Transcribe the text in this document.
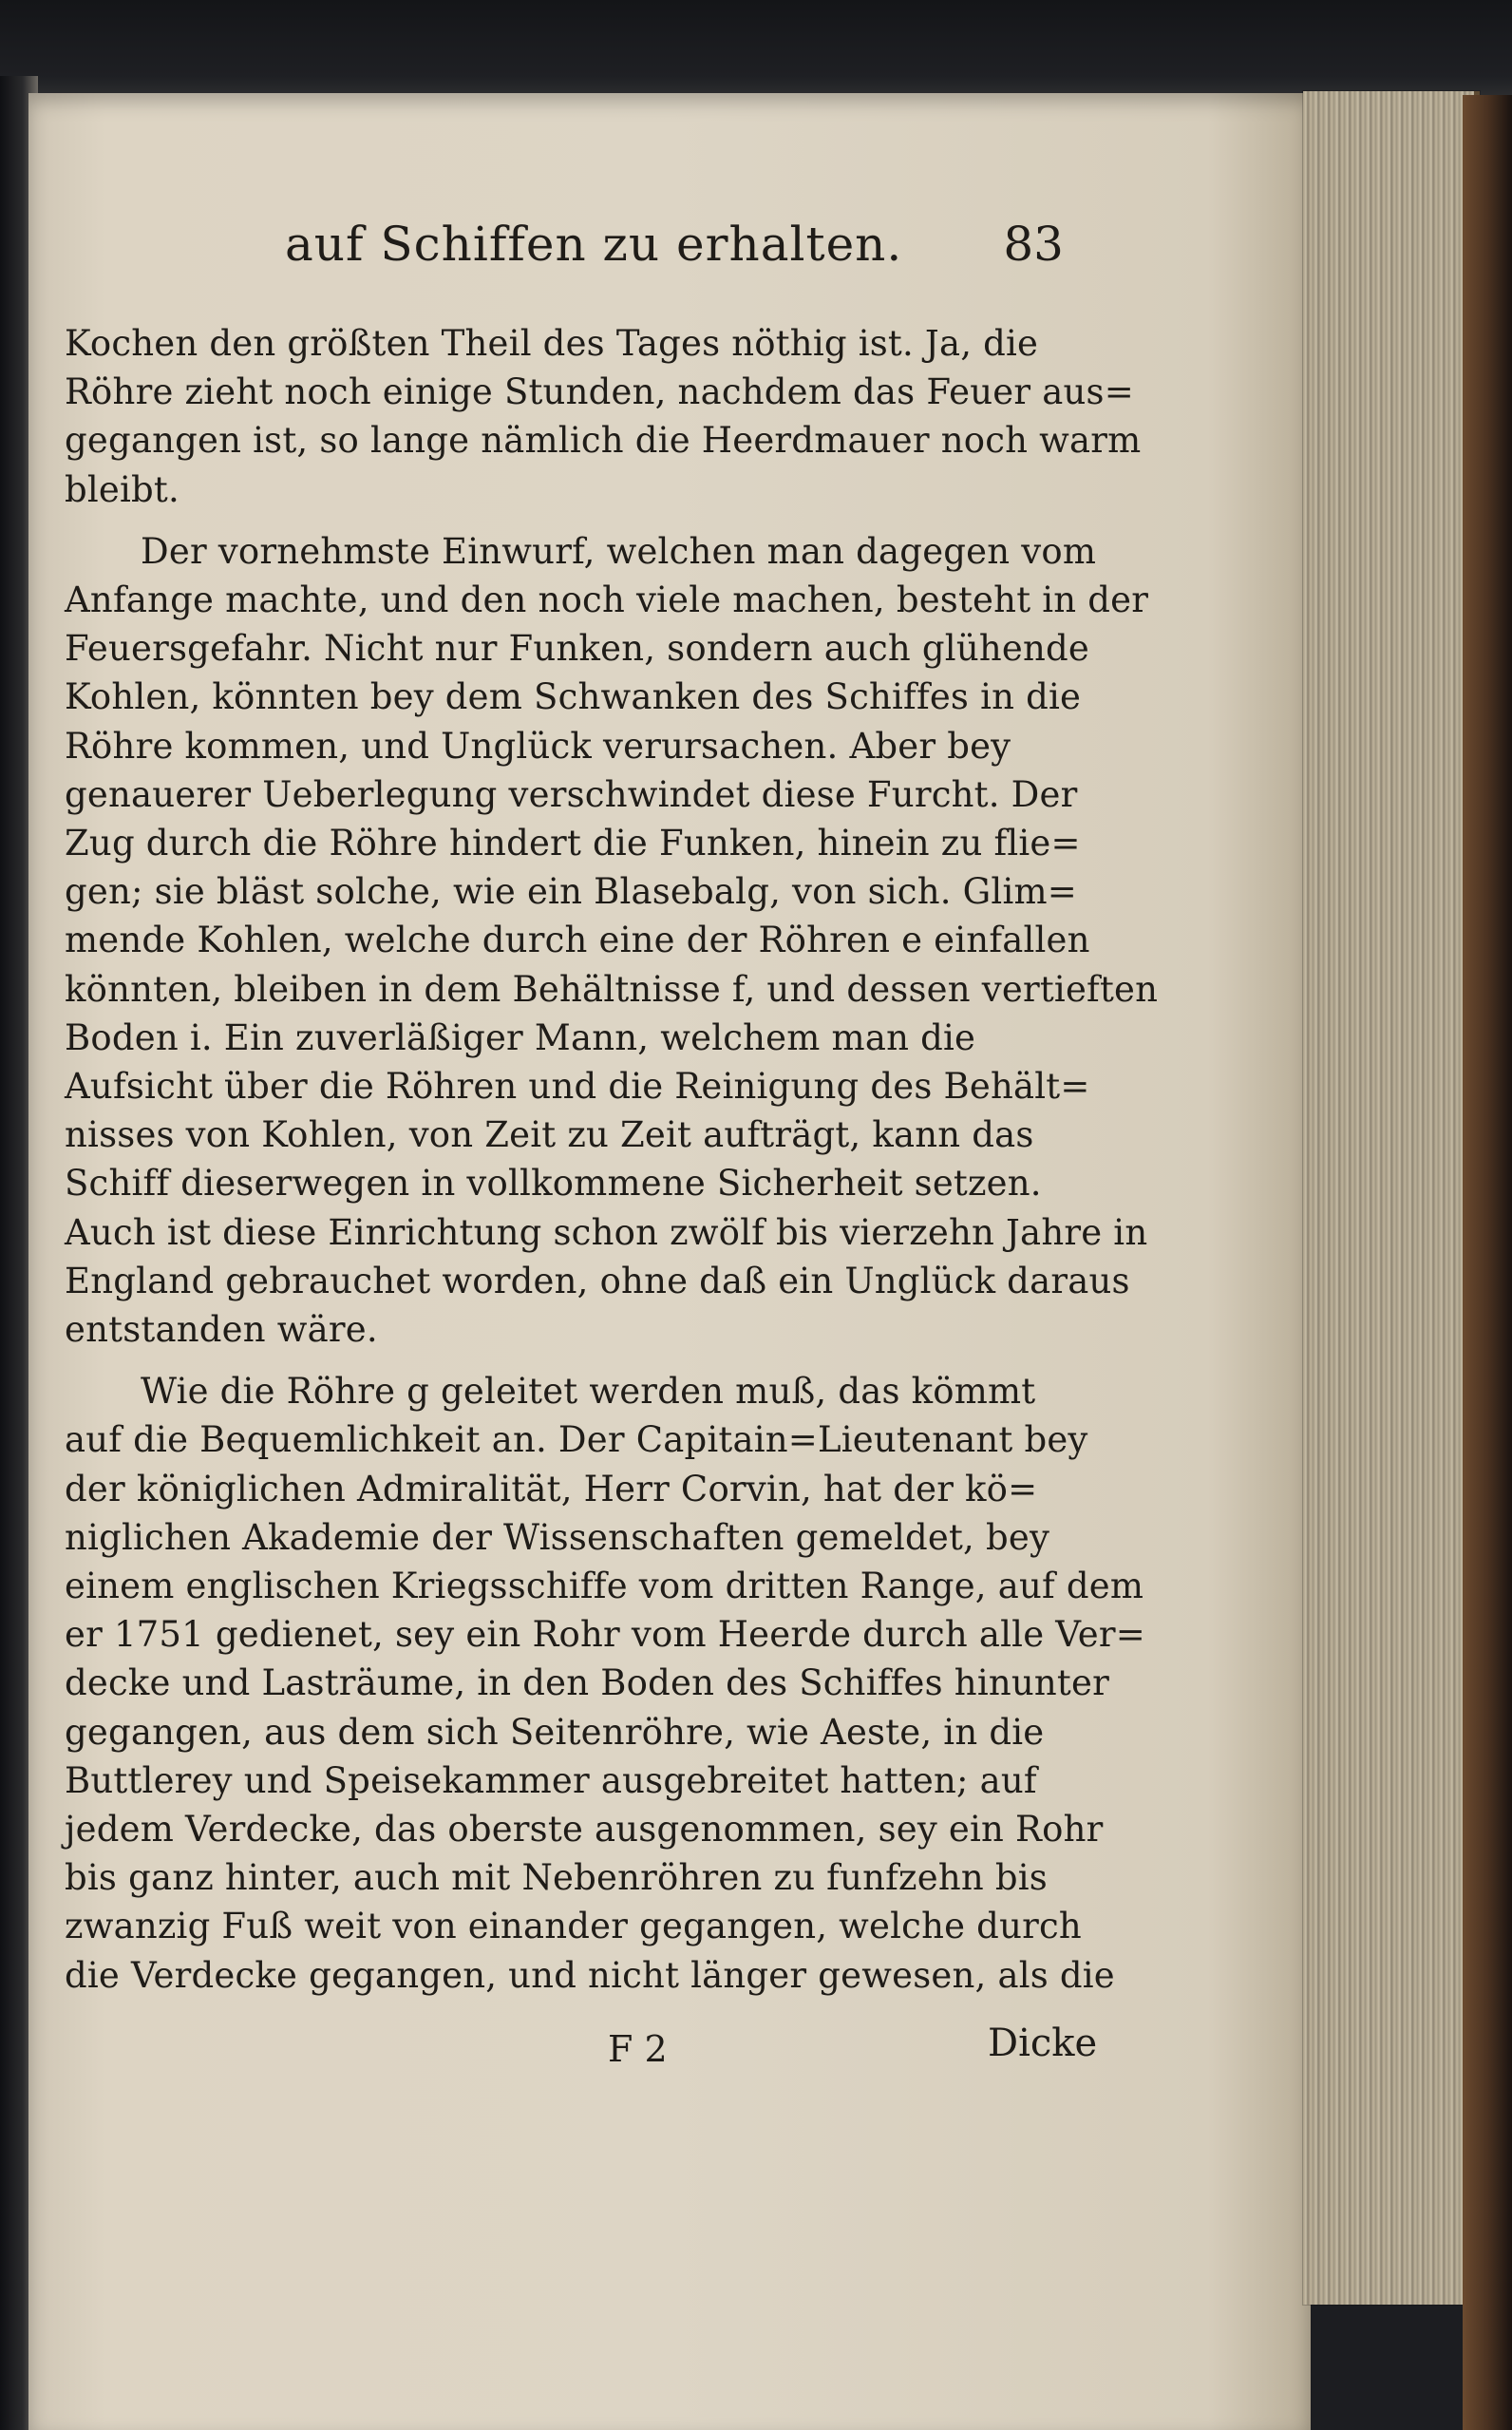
auf Schiffen zu erhalten. 83
Kochen den größten Theil des Tages nöthig ist. Ja, die
Röhre zieht noch einige Stunden, nachdem das Feuer aus=
gegangen ist, so lange nämlich die Heerdmauer noch warm
bleibt.
Der vornehmste Einwurf, welchen man dagegen vom
Anfange machte, und den noch viele machen, besteht in der
Feuersgefahr. Nicht nur Funken, sondern auch glühende
Kohlen, könnten bey dem Schwanken des Schiffes in die
Röhre kommen, und Unglück verursachen. Aber bey
genauerer Ueberlegung verschwindet diese Furcht. Der
Zug durch die Röhre hindert die Funken, hinein zu flie=
gen; sie bläst solche, wie ein Blasebalg, von sich. Glim=
mende Kohlen, welche durch eine der Röhren e einfallen
könnten, bleiben in dem Behältnisse f, und dessen vertieften
Boden i. Ein zuverläßiger Mann, welchem man die
Aufsicht über die Röhren und die Reinigung des Behält=
nisses von Kohlen, von Zeit zu Zeit aufträgt, kann das
Schiff dieserwegen in vollkommene Sicherheit setzen.
Auch ist diese Einrichtung schon zwölf bis vierzehn Jahre in
England gebrauchet worden, ohne daß ein Unglück daraus
entstanden wäre.
Wie die Röhre g geleitet werden muß, das kömmt
auf die Bequemlichkeit an. Der Capitain=Lieutenant bey
der königlichen Admiralität, Herr Corvin, hat der kö=
niglichen Akademie der Wissenschaften gemeldet, bey
einem englischen Kriegsschiffe vom dritten Range, auf dem
er 1751 gedienet, sey ein Rohr vom Heerde durch alle Ver=
decke und Lasträume, in den Boden des Schiffes hinunter
gegangen, aus dem sich Seitenröhre, wie Aeste, in die
Buttlerey und Speisekammer ausgebreitet hatten; auf
jedem Verdecke, das oberste ausgenommen, sey ein Rohr
bis ganz hinter, auch mit Nebenröhren zu funfzehn bis
zwanzig Fuß weit von einander gegangen, welche durch
die Verdecke gegangen, und nicht länger gewesen, als die
F 2	Dicke
